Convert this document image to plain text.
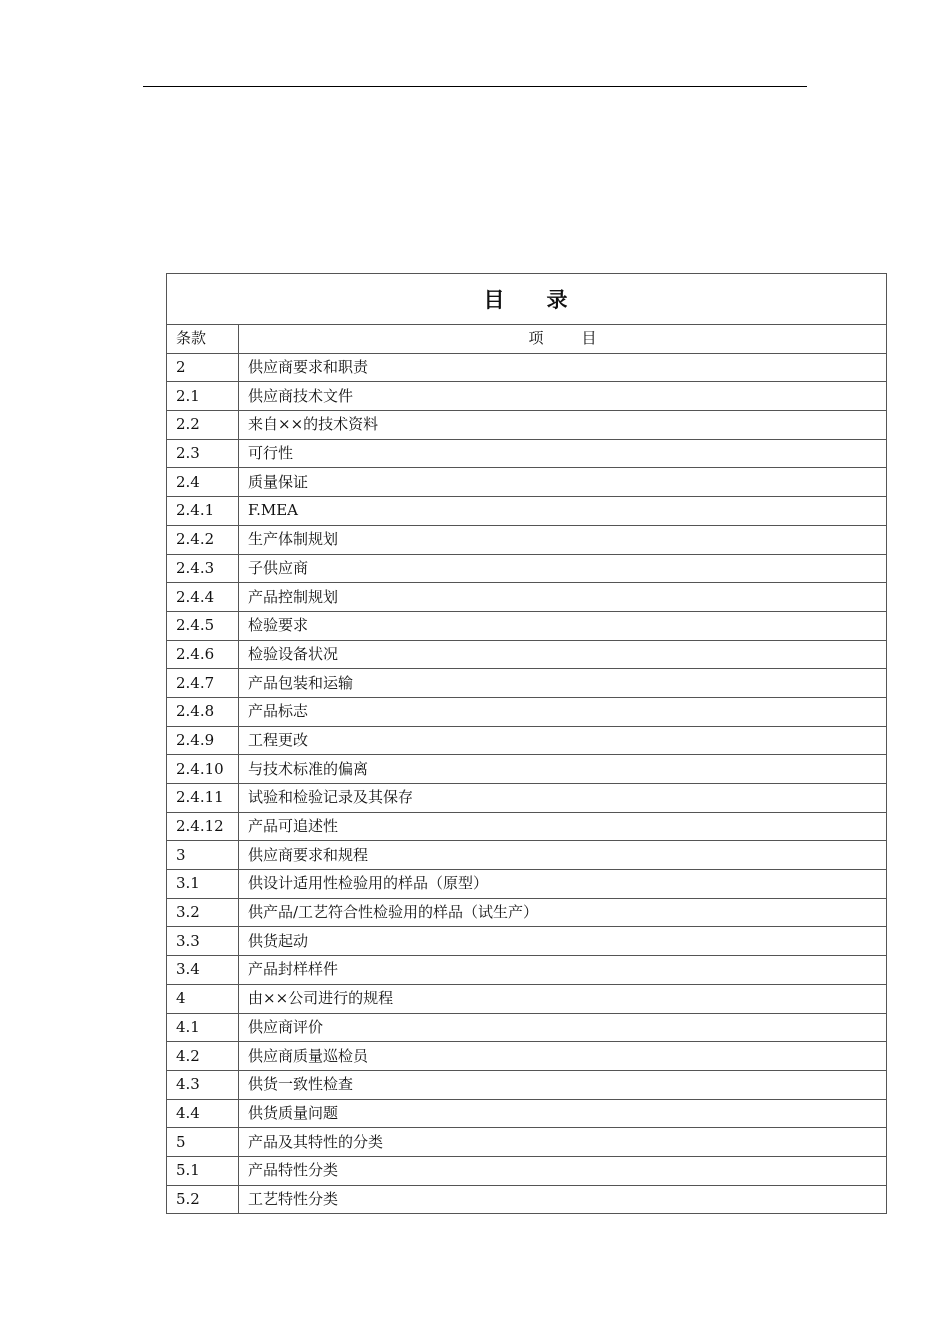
目 录	
条款	项 目
2	供应商要求和职责
2.1	供应商技术文件
2.2	来自××的技术资料
2.3	可行性
2.4	质量保证
2.4.1	F.MEA
2.4.2	生产体制规划
2.4.3	子供应商
2.4.4	产品控制规划
2.4.5	检验要求
2.4.6	检验设备状况
2.4.7	产品包装和运输
2.4.8	产品标志
2.4.9	工程更改
2.4.10	与技术标准的偏离
2.4.11	试验和检验记录及其保存
2.4.12	产品可追述性
3	供应商要求和规程
3.1	供设计适用性检验用的样品（原型）
3.2	供产品/工艺符合性检验用的样品（试生产）
3.3	供货起动
3.4	产品封样样件
4	由××公司进行的规程
4.1	供应商评价
4.2	供应商质量巡检员
4.3	供货一致性检查
4.4	供货质量问题
5	产品及其特性的分类
5.1	产品特性分类
5.2	工艺特性分类
